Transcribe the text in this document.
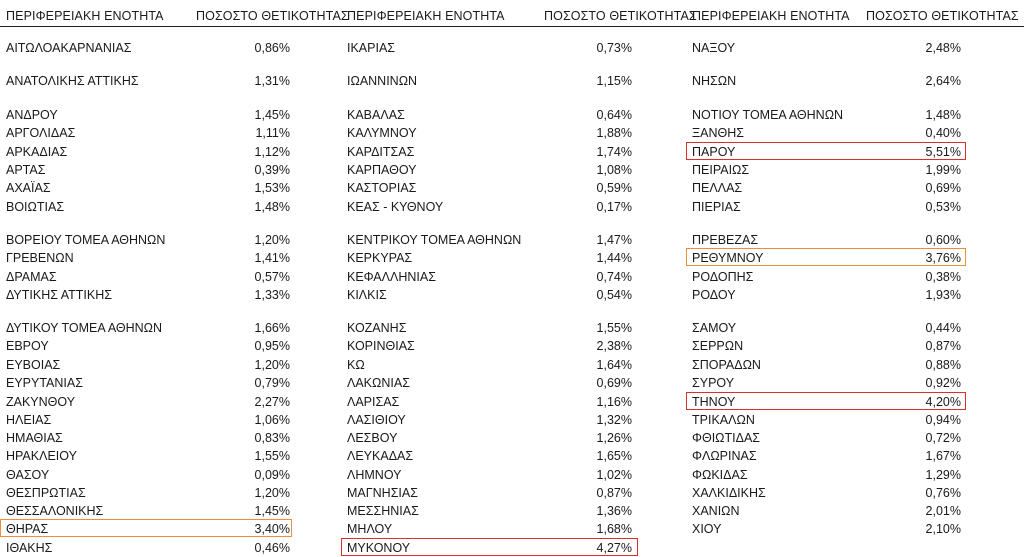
ΠΕΡΙΦΕΡΕΙΑΚΗ ΕΝΟΤΗΤΑ	ΠΟΣΟΣΤΟ ΘΕΤΙΚΟΤΗΤΑΣ
ΠΕΡΙΦΕΡΕΙΑΚΗ ΕΝΟΤΗΤΑ	ΠΟΣΟΣΤΟ ΘΕΤΙΚΟΤΗΤΑΣ
ΠΕΡΙΦΕΡΕΙΑΚΗ ΕΝΟΤΗΤΑ ΠΟΣΟΣΤΟ ΘΕΤΙΚΟΤΗΤΑΣ
ΑΙΤΩΛΟΑΚΑΡΝΑΝΙΑΣ	0,86%
ΑΝΑΤΟΛΙΚΗΣ ΑΤΤΙΚΗΣ	1,31%
ΑΝΔΡΟΥ	1,45%
ΑΡΓΟΛΙΔΑΣ	1,11%
ΑΡΚΑΔΙΑΣ	1,12%
ΑΡΤΑΣ	0,39%
ΑΧΑΪΑΣ	1,53%
ΒΟΙΩΤΙΑΣ	1,48%
ΒΟΡΕΙΟΥ ΤΟΜΕΑ ΑΘΗΝΩΝ	1,20%
ΓΡΕΒΕΝΩΝ	1,41%
ΔΡΑΜΑΣ	0,57%
ΔΥΤΙΚΗΣ ΑΤΤΙΚΗΣ	1,33%
ΔΥΤΙΚΟΥ ΤΟΜΕΑ ΑΘΗΝΩΝ	1,66%
ΕΒΡΟΥ	0,95%
ΕΥΒΟΙΑΣ	1,20%
ΕΥΡΥΤΑΝΙΑΣ	0,79%
ΖΑΚΥΝΘΟΥ	2,27%
ΗΛΕΙΑΣ	1,06%
ΗΜΑΘΙΑΣ	0,83%
ΗΡΑΚΛΕΙΟΥ	1,55%
ΘΑΣΟΥ	0,09%
ΘΕΣΠΡΩΤΙΑΣ	1,20%
ΘΕΣΣΑΛΟΝΙΚΗΣ	1,45%
ΘΗΡΑΣ	3,40%
ΙΘΑΚΗΣ	0,46%
ΙΚΑΡΙΑΣ	0,73%
ΙΩΑΝΝΙΝΩΝ	1,15%
ΚΑΒΑΛΑΣ	0,64%
ΚΑΛΥΜΝΟΥ	1,88%
ΚΑΡΔΙΤΣΑΣ	1,74%
ΚΑΡΠΑΘΟΥ	1,08%
ΚΑΣΤΟΡΙΑΣ	0,59%
ΚΕΑΣ - ΚΥΘΝΟΥ	0,17%
ΚΕΝΤΡΙΚΟΥ ΤΟΜΕΑ ΑΘΗΝΩΝ	1,47%
ΚΕΡΚΥΡΑΣ	1,44%
ΚΕΦΑΛΛΗΝΙΑΣ	0,74%
ΚΙΛΚΙΣ	0,54%
ΚΟΖΑΝΗΣ	1,55%
ΚΟΡΙΝΘΙΑΣ	2,38%
ΚΩ	1,64%
ΛΑΚΩΝΙΑΣ	0,69%
ΛΑΡΙΣΑΣ	1,16%
ΛΑΣΙΘΙΟΥ	1,32%
ΛΕΣΒΟΥ	1,26%
ΛΕΥΚΑΔΑΣ	1,65%
ΛΗΜΝΟΥ	1,02%
ΜΑΓΝΗΣΙΑΣ	0,87%
ΜΕΣΣΗΝΙΑΣ	1,36%
ΜΗΛΟΥ	1,68%
ΜΥΚΟΝΟΥ	4,27%
ΝΑΞΟΥ	2,48%
ΝΗΣΩΝ	2,64%
ΝΟΤΙΟΥ ΤΟΜΕΑ ΑΘΗΝΩΝ	1,48%
ΞΑΝΘΗΣ	0,40%
ΠΑΡΟΥ	5,51%
ΠΕΙΡΑΙΩΣ	1,99%
ΠΕΛΛΑΣ	0,69%
ΠΙΕΡΙΑΣ	0,53%
ΠΡΕΒΕΖΑΣ	0,60%
ΡΕΘΥΜΝΟΥ	3,76%
ΡΟΔΟΠΗΣ	0,38%
ΡΟΔΟΥ	1,93%
ΣΑΜΟΥ	0,44%
ΣΕΡΡΩΝ	0,87%
ΣΠΟΡΑΔΩΝ	0,88%
ΣΥΡΟΥ	0,92%
ΤΗΝΟΥ	4,20%
ΤΡΙΚΑΛΩΝ	0,94%
ΦΘΙΩΤΙΔΑΣ	0,72%
ΦΛΩΡΙΝΑΣ	1,67%
ΦΩΚΙΔΑΣ	1,29%
ΧΑΛΚΙΔΙΚΗΣ	0,76%
ΧΑΝΙΩΝ	2,01%
ΧΙΟΥ	2,10%
